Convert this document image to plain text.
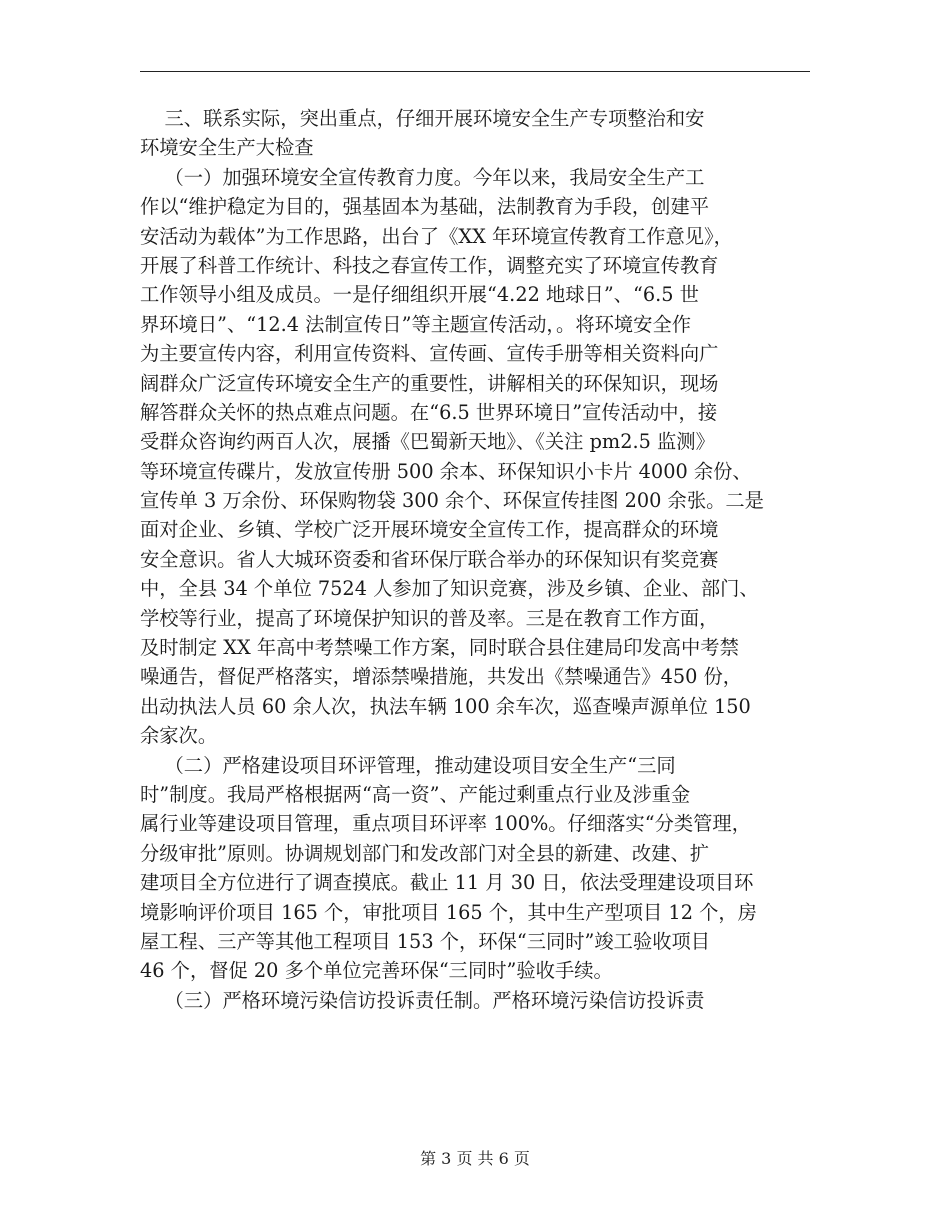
三、联系实际，突出重点，仔细开展环境安全生产专项整治和安
环境安全生产大检查
（一）加强环境安全宣传教育力度。今年以来，我局安全生产工
作以“维护稳定为目的，强基固本为基础，法制教育为手段，创建平
安活动为载体”为工作思路，出台了《XX 年环境宣传教育工作意见》，
开展了科普工作统计、科技之春宣传工作，调整充实了环境宣传教育
工作领导小组及成员。一是仔细组织开展“4.22 地球日”、“6.5 世
界环境日”、“12.4 法制宣传日”等主题宣传活动，。将环境安全作
为主要宣传内容，利用宣传资料、宣传画、宣传手册等相关资料向广
阔群众广泛宣传环境安全生产的重要性，讲解相关的环保知识，现场
解答群众关怀的热点难点问题。在“6.5 世界环境日”宣传活动中，接
受群众咨询约两百人次，展播《巴蜀新天地》、《关注 pm2.5 监测》
等环境宣传碟片，发放宣传册 500 余本、环保知识小卡片 4000 余份、
宣传单 3 万余份、环保购物袋 300 余个、环保宣传挂图 200 余张。二是
面对企业、乡镇、学校广泛开展环境安全宣传工作，提高群众的环境
安全意识。省人大城环资委和省环保厅联合举办的环保知识有奖竞赛
中，全县 34 个单位 7524 人参加了知识竞赛，涉及乡镇、企业、部门、
学校等行业，提高了环境保护知识的普及率。三是在教育工作方面，
及时制定 XX 年高中考禁噪工作方案，同时联合县住建局印发高中考禁
噪通告，督促严格落实，增添禁噪措施，共发出《禁噪通告》450 份，
出动执法人员 60 余人次，执法车辆 100 余车次，巡查噪声源单位 150
余家次。
（二）严格建设项目环评管理，推动建设项目安全生产“三同
时”制度。我局严格根据两“高一资”、产能过剩重点行业及涉重金
属行业等建设项目管理，重点项目环评率 100%。仔细落实“分类管理，
分级审批”原则。协调规划部门和发改部门对全县的新建、改建、扩
建项目全方位进行了调查摸底。截止 11 月 30 日，依法受理建设项目环
境影响评价项目 165 个，审批项目 165 个，其中生产型项目 12 个，房
屋工程、三产等其他工程项目 153 个，环保“三同时”竣工验收项目
46 个，督促 20 多个单位完善环保“三同时”验收手续。
（三）严格环境污染信访投诉责任制。严格环境污染信访投诉责
第 3 页 共 6 页
